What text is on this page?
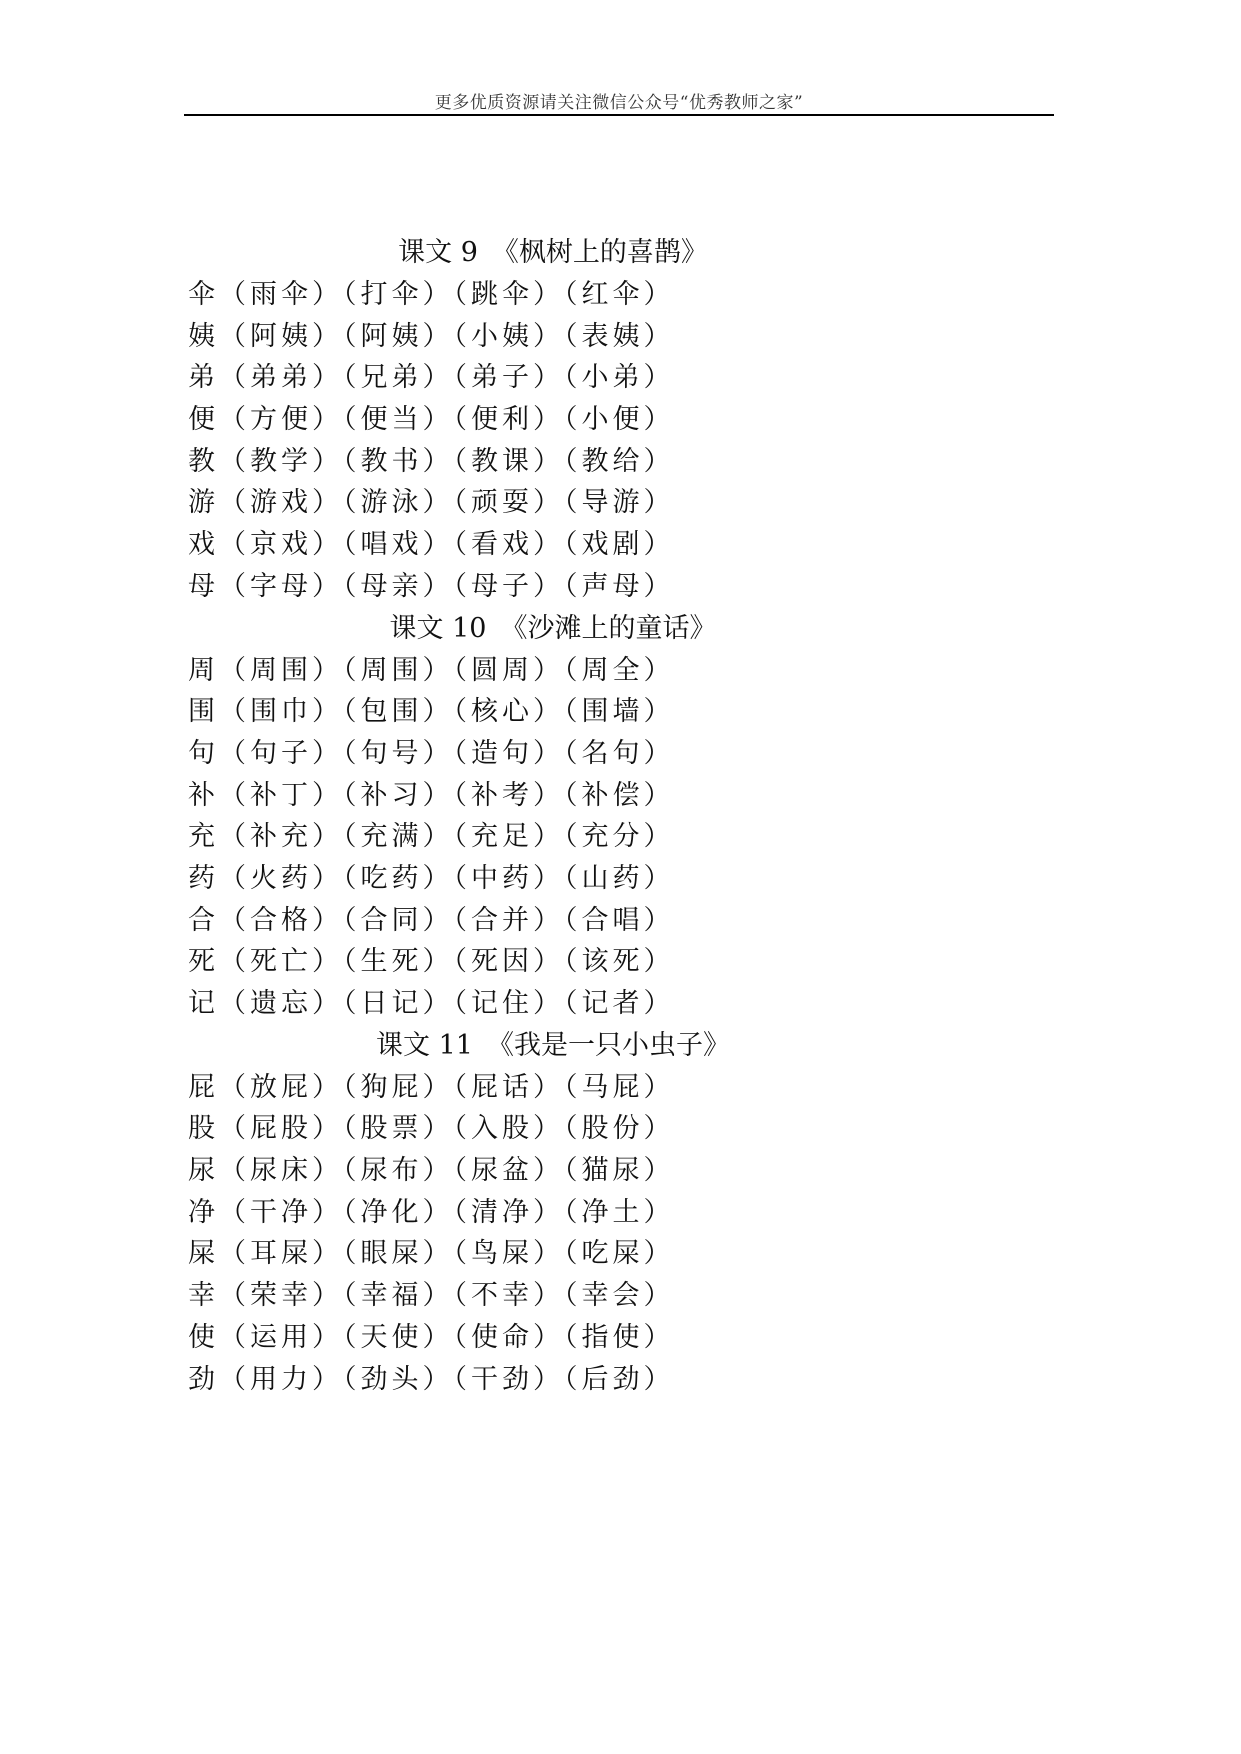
更多优质资源请关注微信公众号“优秀教师之家”
课文 9 《枫树上的喜鹊》
伞（雨伞）（打伞）（跳伞）（红伞）
姨（阿姨）（阿姨）（小姨）（表姨）
弟（弟弟）（兄弟）（弟子）（小弟）
便（方便）（便当）（便利）（小便）
教（教学）（教书）（教课）（教给）
游（游戏）（游泳）（顽耍）（导游）
戏（京戏）（唱戏）（看戏）（戏剧）
母（字母）（母亲）（母子）（声母）
课文 10 《沙滩上的童话》
周（周围）（周围）（圆周）（周全）
围（围巾）（包围）（核心）（围墙）
句（句子）（句号）（造句）（名句）
补（补丁）（补习）（补考）（补偿）
充（补充）（充满）（充足）（充分）
药（火药）（吃药）（中药）（山药）
合（合格）（合同）（合并）（合唱）
死（死亡）（生死）（死因）（该死）
记（遗忘）（日记）（记住）（记者）
课文 11 《我是一只小虫子》
屁（放屁）（狗屁）（屁话）（马屁）
股（屁股）（股票）（入股）（股份）
尿（尿床）（尿布）（尿盆）（猫尿）
净（干净）（净化）（清净）（净土）
屎（耳屎）（眼屎）（鸟屎）（吃屎）
幸（荣幸）（幸福）（不幸）（幸会）
使（运用）（天使）（使命）（指使）
劲（用力）（劲头）（干劲）（后劲）
